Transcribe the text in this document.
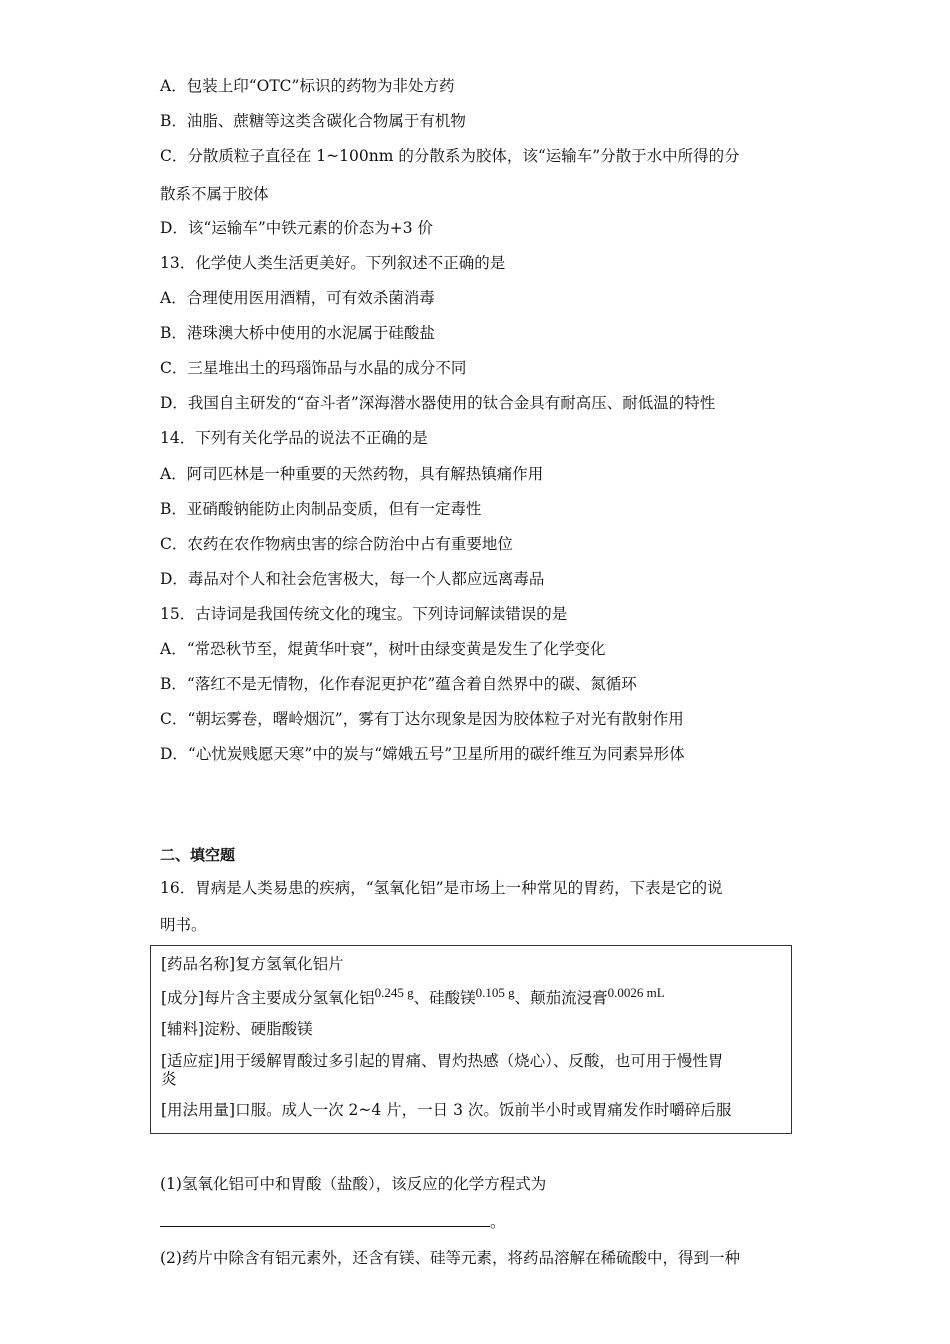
A．包装上印“OTC”标识的药物为非处方药
B．油脂、蔗糖等这类含碳化合物属于有机物
C．分散质粒子直径在 1~100nm 的分散系为胶体，该“运输车”分散于水中所得的分
散系不属于胶体
D．该“运输车”中铁元素的价态为+3 价
13．化学使人类生活更美好。下列叙述不正确的是
A．合理使用医用酒精，可有效杀菌消毒
B．港珠澳大桥中使用的水泥属于硅酸盐
C．三星堆出土的玛瑙饰品与水晶的成分不同
D．我国自主研发的“奋斗者”深海潜水器使用的钛合金具有耐高压、耐低温的特性
14．下列有关化学品的说法不正确的是
A．阿司匹林是一种重要的天然药物，具有解热镇痛作用
B．亚硝酸钠能防止肉制品变质，但有一定毒性
C．农药在农作物病虫害的综合防治中占有重要地位
D．毒品对个人和社会危害极大，每一个人都应远离毒品
15．古诗词是我国传统文化的瑰宝。下列诗词解读错误的是
A．“常恐秋节至，焜黄华叶衰”，树叶由绿变黄是发生了化学变化
B．“落红不是无情物，化作春泥更护花”蕴含着自然界中的碳、氮循环
C．“朝坛雾卷，曙岭烟沉”，雾有丁达尔现象是因为胶体粒子对光有散射作用
D．“心忧炭贱愿天寒”中的炭与“嫦娥五号”卫星所用的碳纤维互为同素异形体
二、填空题
16．胃病是人类易患的疾病，“氢氧化铝”是市场上一种常见的胃药，下表是它的说
明书。
[药品名称]复方氢氧化铝片
[成分]每片含主要成分氢氧化铝$^{0.245 g}$、硅酸镁$^{0.105 g}$、颠茄流浸膏$^{0.0026 mL}$
[辅料]淀粉、硬脂酸镁
[适应症]用于缓解胃酸过多引起的胃痛、胃灼热感（烧心）、反酸，也可用于慢性胃
炎
[用法用量]口服。成人一次 2~4 片，一日 3 次。饭前半小时或胃痛发作时嚼碎后服
(1)氢氧化铝可中和胃酸（盐酸），该反应的化学方程式为
。
(2)药片中除含有铝元素外，还含有镁、硅等元素，将药品溶解在稀硫酸中，得到一种
